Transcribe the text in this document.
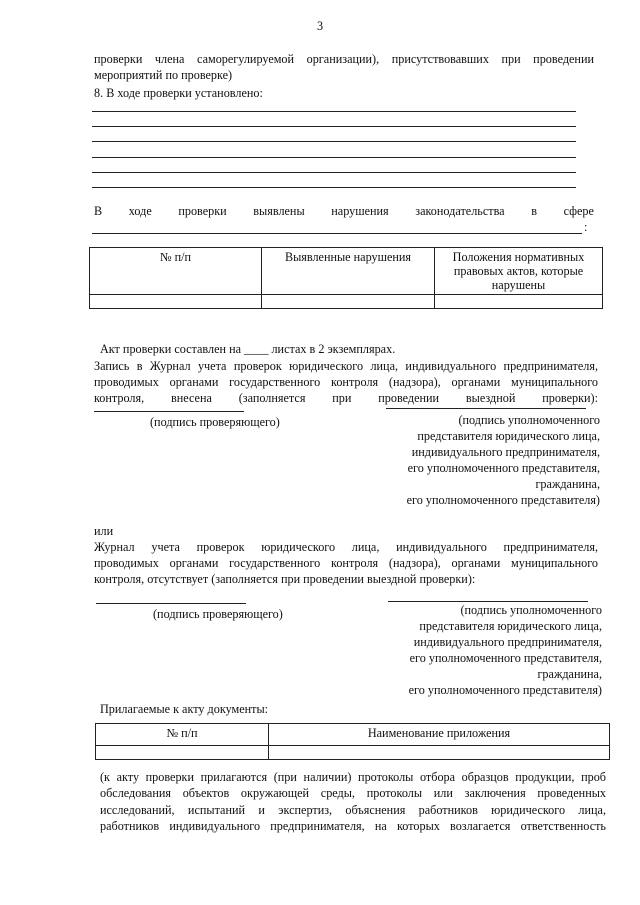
3
проверки члена саморегулируемой организации), присутствовавших при проведении
мероприятий по проверке)
8. В ходе проверки установлено:
В ходе проверки выявлены нарушения законодательства в сфере
:
№ п/п	Выявленные нарушения	Положения нормативных правовых актов, которые нарушены

Акт проверки составлен на ____ листах в 2 экземплярах.
Запись в Журнал учета проверок юридического лица, индивидуального предпринимателя,
проводимых органами государственного контроля (надзора), органами муниципального
контроля, внесена (заполняется при проведении выездной проверки):
(подпись проверяющего)	(подпись уполномоченного
представителя юридического лица,
индивидуального предпринимателя,
его уполномоченного представителя,
гражданина,
его уполномоченного представителя)
или
Журнал учета проверок юридического лица, индивидуального предпринимателя,
проводимых органами государственного контроля (надзора), органами муниципального
контроля, отсутствует (заполняется при проведении выездной проверки):
(подпись проверяющего)	(подпись уполномоченного
представителя юридического лица,
индивидуального предпринимателя,
его уполномоченного представителя,
гражданина,
его уполномоченного представителя)
Прилагаемые к акту документы:
№ п/п	Наименование приложения

(к акту проверки прилагаются (при наличии) протоколы отбора образцов продукции, проб
обследования объектов окружающей среды, протоколы или заключения проведенных
исследований, испытаний и экспертиз, объяснения работников юридического лица,
работников индивидуального предпринимателя, на которых возлагается ответственность
